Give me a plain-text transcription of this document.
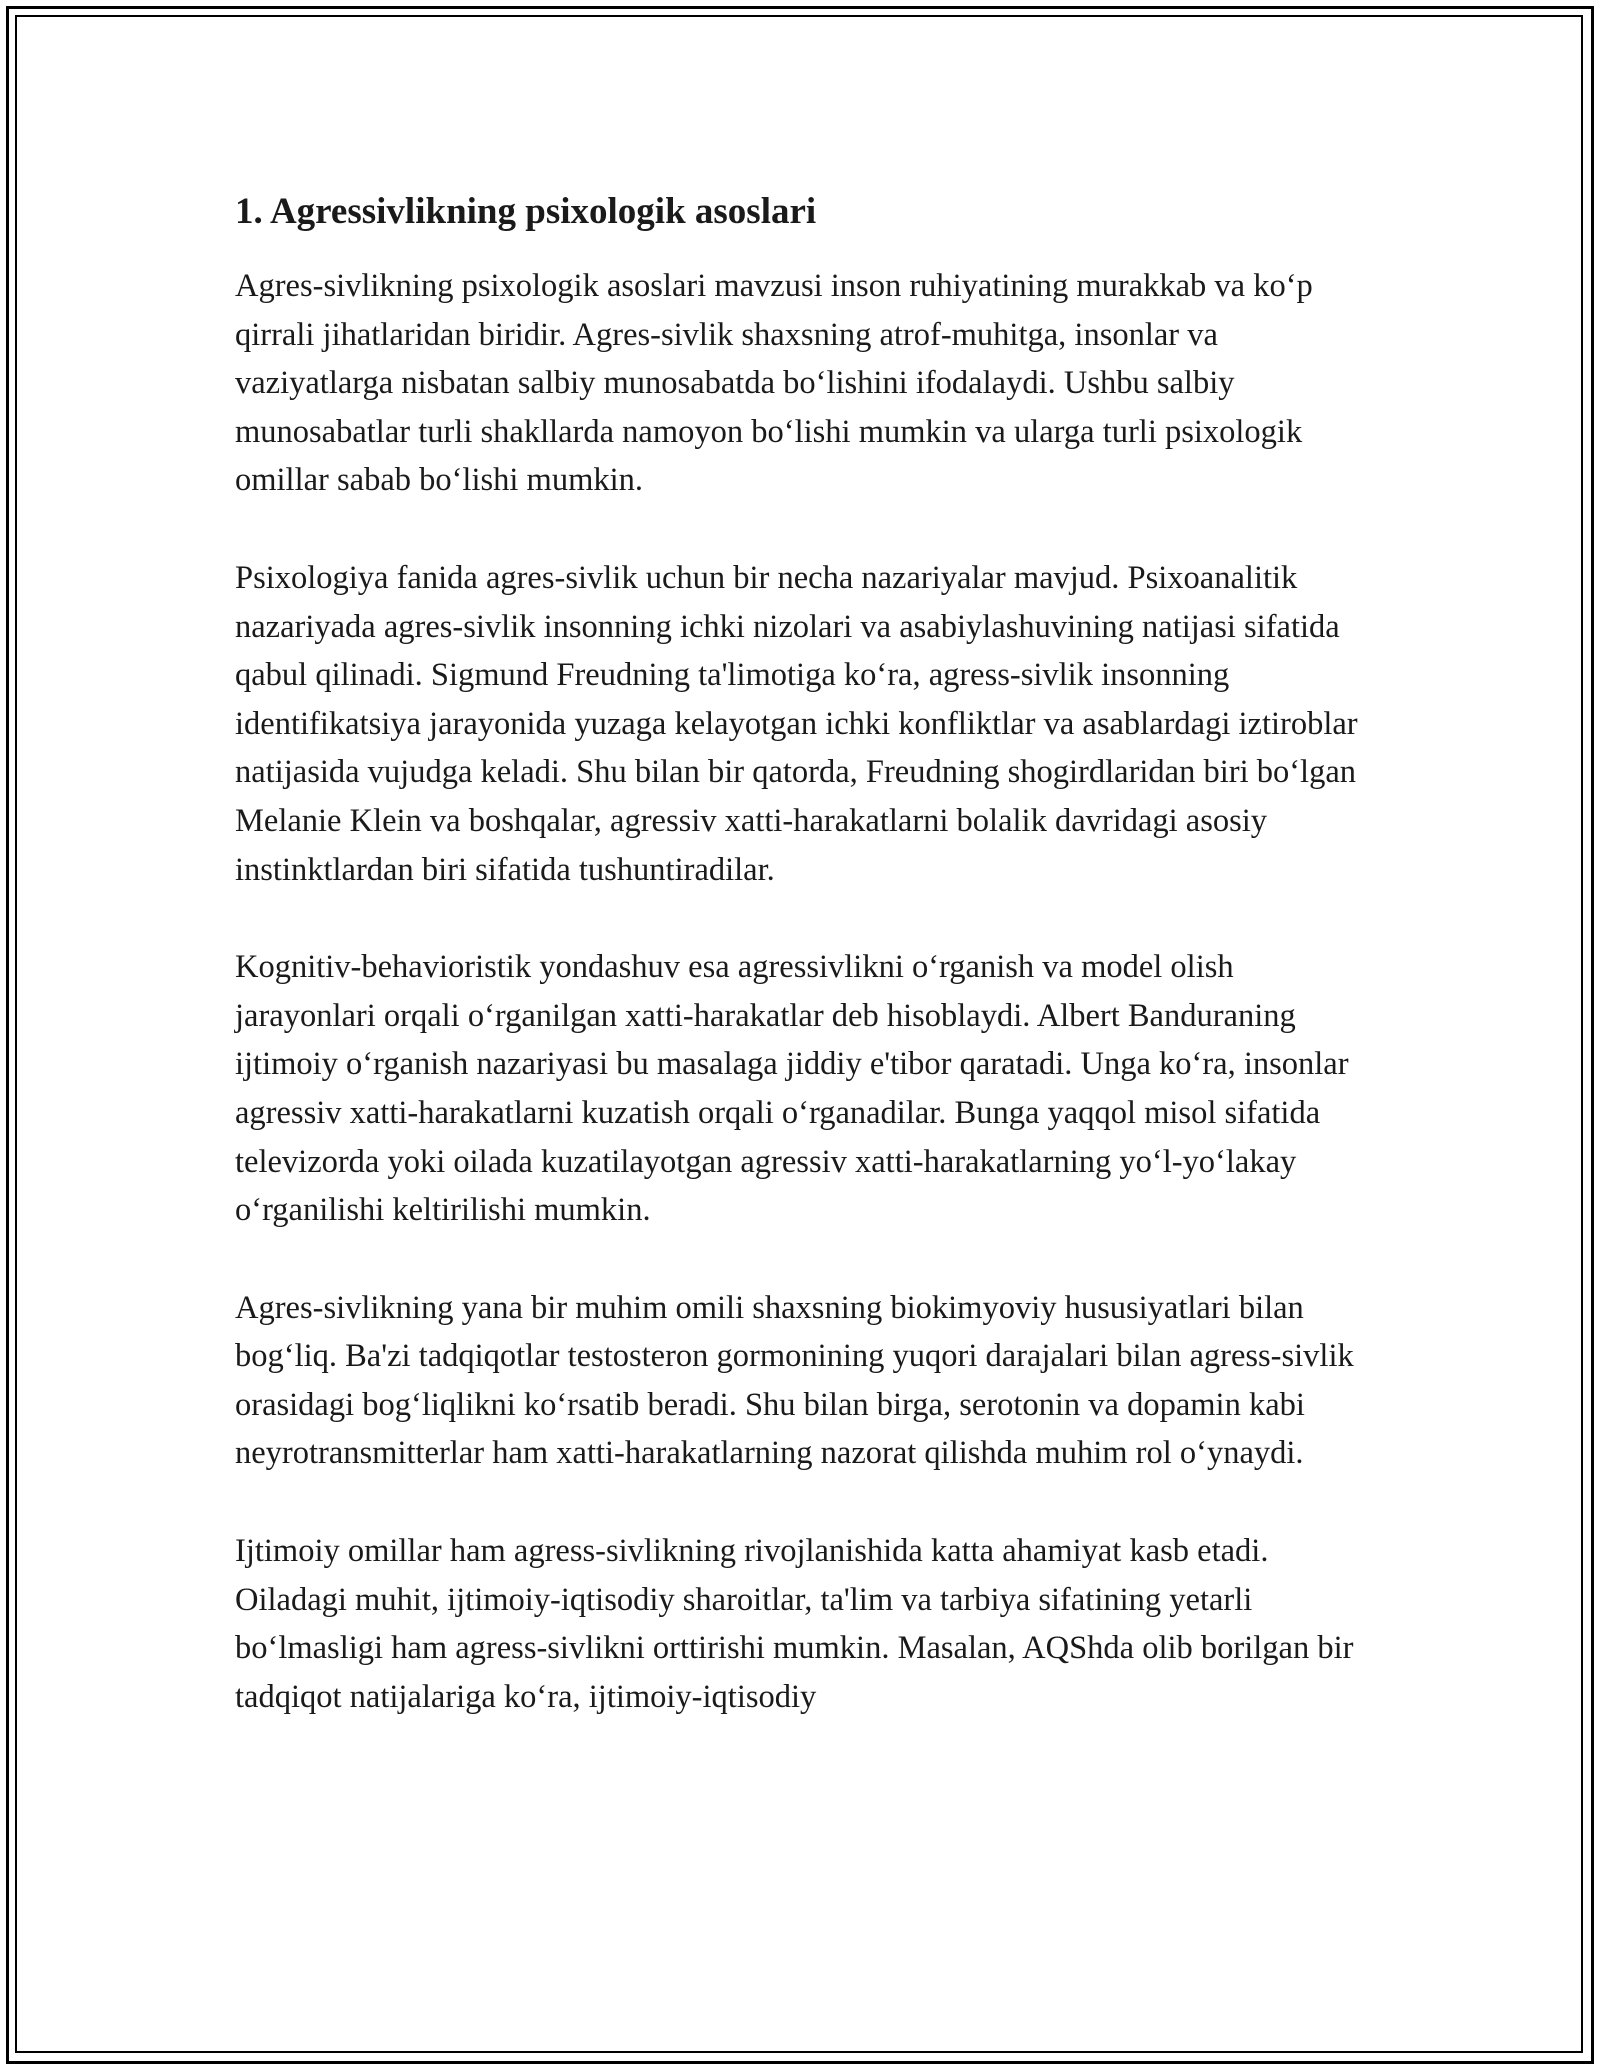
1. Agressivlikning psixologik asoslari

Agres-sivlikning psixologik asoslari mavzusi inson ruhiyatining murakkab va koʻp qirrali jihatlaridan biridir. Agres-sivlik shaxsning atrof-muhitga, insonlar va vaziyatlarga nisbatan salbiy munosabatda boʻlishini ifodalaydi. Ushbu salbiy munosabatlar turli shakllarda namoyon boʻlishi mumkin va ularga turli psixologik omillar sabab boʻlishi mumkin.

Psixologiya fanida agres-sivlik uchun bir necha nazariyalar mavjud. Psixoanalitik nazariyada agres-sivlik insonning ichki nizolari va asabiylashuvining natijasi sifatida qabul qilinadi. Sigmund Freudning ta'limotiga koʻra, agress-sivlik insonning identifikatsiya jarayonida yuzaga kelayotgan ichki konfliktlar va asablardagi iztiroblar natijasida vujudga keladi. Shu bilan bir qatorda, Freudning shogirdlaridan biri boʻlgan Melanie Klein va boshqalar, agressiv xatti-harakatlarni bolalik davridagi asosiy instinktlardan biri sifatida tushuntiradilar.

Kognitiv-behavioristik yondashuv esa agressivlikni oʻrganish va model olish jarayonlari orqali oʻrganilgan xatti-harakatlar deb hisoblaydi. Albert Banduraning ijtimoiy oʻrganish nazariyasi bu masalaga jiddiy e'tibor qaratadi. Unga koʻra, insonlar agressiv xatti-harakatlarni kuzatish orqali oʻrganadilar. Bunga yaqqol misol sifatida televizorda yoki oilada kuzatilayotgan agressiv xatti-harakatlarning yoʻl-yoʻlakay oʻrganilishi keltirilishi mumkin.

Agres-sivlikning yana bir muhim omili shaxsning biokimyoviy hususiyatlari bilan bogʻliq. Ba'zi tadqiqotlar testosteron gormonining yuqori darajalari bilan agress-sivlik orasidagi bogʻliqlikni koʻrsatib beradi. Shu bilan birga, serotonin va dopamin kabi neyrotransmitterlar ham xatti-harakatlarning nazorat qilishda muhim rol oʻynaydi.

Ijtimoiy omillar ham agress-sivlikning rivojlanishida katta ahamiyat kasb etadi. Oiladagi muhit, ijtimoiy-iqtisodiy sharoitlar, ta'lim va tarbiya sifatining yetarli boʻlmasligi ham agress-sivlikni orttirishi mumkin. Masalan, AQShda olib borilgan bir tadqiqot natijalariga koʻra, ijtimoiy-iqtisodiy
